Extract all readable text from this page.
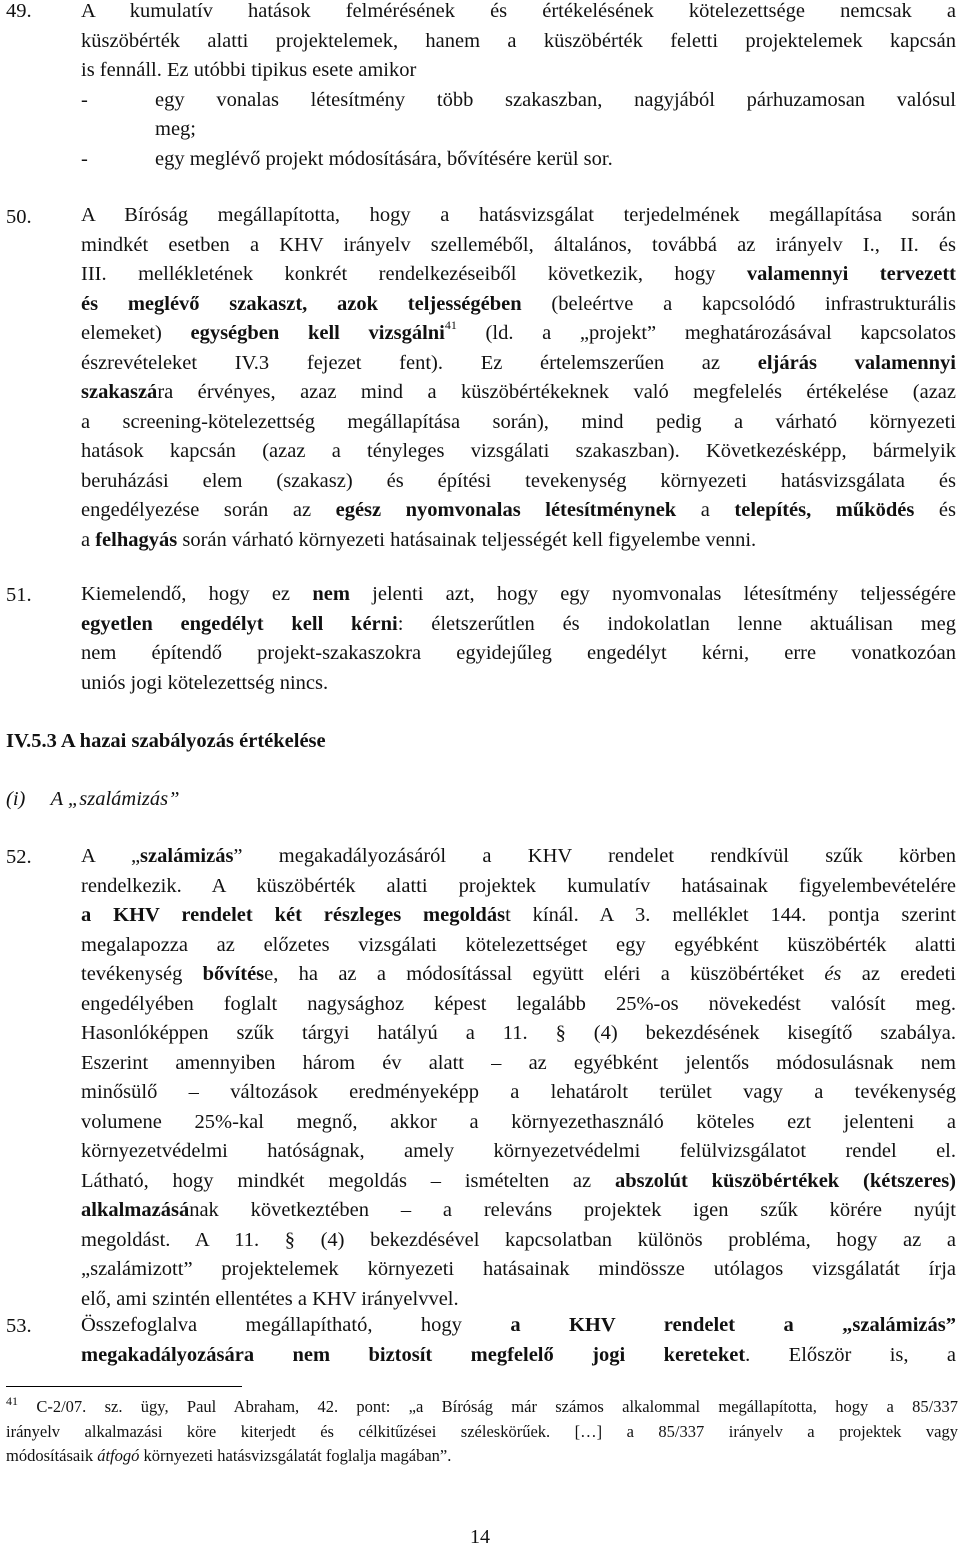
49. A kumulatív hatások felmérésének és értékelésének kötelezettsége nemcsak a
küszöbérték alatti projektelemek, hanem a küszöbérték feletti projektelemek kapcsán
is fennáll. Ez utóbbi tipikus esete amikor
-	egy vonalas létesítmény több szakaszban, nagyjából párhuzamosan valósul
meg;
-	egy meglévő projekt módosítására, bővítésére kerül sor.
50. A Bíróság megállapította, hogy a hatásvizsgálat terjedelmének megállapítása során
mindkét esetben a KHV irányelv szelleméből, általános, továbbá az irányelv I., II. és
III. mellékletének konkrét rendelkezéseiből következik, hogy valamennyi tervezett
és meglévő szakaszt, azok teljességében (beleértve a kapcsolódó infrastrukturális
elemeket) egységben kell vizsgálni$^{41}$ (ld. a „projekt” meghatározásával kapcsolatos
észrevételeket IV.3 fejezet fent). Ez értelemszerűen az eljárás valamennyi
szakaszára érvényes, azaz mind a küszöbértékeknek való megfelelés értékelése (azaz
a screening-kötelezettség megállapítása során), mind pedig a várható környezeti
hatások kapcsán (azaz a tényleges vizsgálati szakaszban). Következésképp, bármelyik
beruházási elem (szakasz) és építési tevekenység környezeti hatásvizsgálata és
engedélyezése során az egész nyomvonalas létesítménynek a telepítés, működés és
a felhagyás során várható környezeti hatásainak teljességét kell figyelembe venni.
51. Kiemelendő, hogy ez nem jelenti azt, hogy egy nyomvonalas létesítmény teljességére
egyetlen engedélyt kell kérni: életszerűtlen és indokolatlan lenne aktuálisan meg
nem építendő projekt-szakaszokra egyidejűleg engedélyt kérni, erre vonatkozóan
uniós jogi kötelezettség nincs.
IV.5.3 A hazai szabályozás értékelése
(i)     A „szalámizás”
52. A „szalámizás” megakadályozásáról a KHV rendelet rendkívül szűk körben
rendelkezik. A küszöbérték alatti projektek kumulatív hatásainak figyelembevételére
a KHV rendelet két részleges megoldást kínál. A 3. melléklet 144. pontja szerint
megalapozza az előzetes vizsgálati kötelezettséget egy egyébként küszöbérték alatti
tevékenység bővítése, ha az a módosítással együtt eléri a küszöbértéket és az eredeti
engedélyében foglalt nagysághoz képest legalább 25%-os növekedést valósít meg.
Hasonlóképpen szűk tárgyi hatályú a 11. § (4) bekezdésének kisegítő szabálya.
Eszerint amennyiben három év alatt – az egyébként jelentős módosulásnak nem
minősülő – változások eredményeképp a lehatárolt terület vagy a tevékenység
volumene 25%-kal megnő, akkor a környezethasználó köteles ezt jelenteni a
környezetvédelmi hatóságnak, amely környezetvédelmi felülvizsgálatot rendel el.
Látható, hogy mindkét megoldás – ismételten az abszolút küszöbértékek (kétszeres)
alkalmazásának következtében – a releváns projektek igen szűk körére nyújt
megoldást. A 11. § (4) bekezdésével kapcsolatban különös probléma, hogy az a
„szalámizott” projektelemek környezeti hatásainak mindössze utólagos vizsgálatát írja
elő, ami szintén ellentétes a KHV irányelvvel.
53. Összefoglalva megállapítható, hogy a KHV rendelet a „szalámizás”
megakadályozására nem biztosít megfelelő jogi kereteket. Először is, a
$^{41}$ C-2/07. sz. ügy, Paul Abraham, 42. pont: „a Bíróság már számos alkalommal megállapította, hogy a 85/337
irányelv alkalmazási köre kiterjedt és célkitűzései széleskörűek. […] a 85/337 irányelv a projektek vagy
módosításaik átfogó környezeti hatásvizsgálatát foglalja magában”.
14
